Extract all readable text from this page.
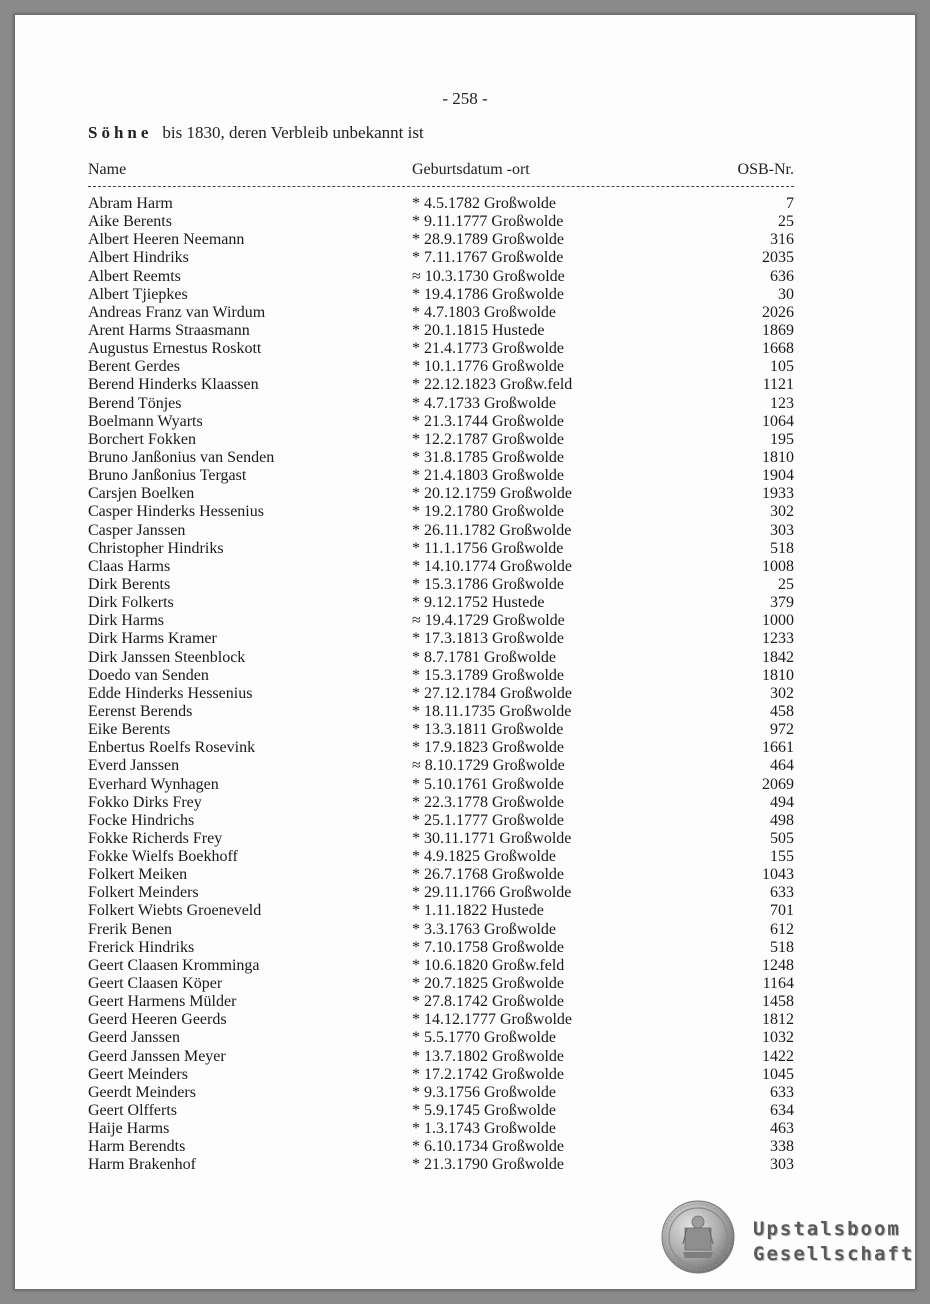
- 258 -
Söhne bis 1830, deren Verbleib unbekannt ist
Name	Geburtsdatum -ort	OSB-Nr.
Abram Harm	* 4.5.1782 Großwolde	7
Aike Berents	* 9.11.1777 Großwolde	25
Albert Heeren Neemann	* 28.9.1789 Großwolde	316
Albert Hindriks	* 7.11.1767 Großwolde	2035
Albert Reemts	≈ 10.3.1730 Großwolde	636
Albert Tjiepkes	* 19.4.1786 Großwolde	30
Andreas Franz van Wirdum	* 4.7.1803 Großwolde	2026
Arent Harms Straasmann	* 20.1.1815 Hustede	1869
Augustus Ernestus Roskott	* 21.4.1773 Großwolde	1668
Berent Gerdes	* 10.1.1776 Großwolde	105
Berend Hinderks Klaassen	* 22.12.1823 Großw.feld	1121
Berend Tönjes	* 4.7.1733 Großwolde	123
Boelmann Wyarts	* 21.3.1744 Großwolde	1064
Borchert Fokken	* 12.2.1787 Großwolde	195
Bruno Janßonius van Senden	* 31.8.1785 Großwolde	1810
Bruno Janßonius Tergast	* 21.4.1803 Großwolde	1904
Carsjen Boelken	* 20.12.1759 Großwolde	1933
Casper Hinderks Hessenius	* 19.2.1780 Großwolde	302
Casper Janssen	* 26.11.1782 Großwolde	303
Christopher Hindriks	* 11.1.1756 Großwolde	518
Claas Harms	* 14.10.1774 Großwolde	1008
Dirk Berents	* 15.3.1786 Großwolde	25
Dirk Folkerts	* 9.12.1752 Hustede	379
Dirk Harms	≈ 19.4.1729 Großwolde	1000
Dirk Harms Kramer	* 17.3.1813 Großwolde	1233
Dirk Janssen Steenblock	* 8.7.1781 Großwolde	1842
Doedo van Senden	* 15.3.1789 Großwolde	1810
Edde Hinderks Hessenius	* 27.12.1784 Großwolde	302
Eerenst Berends	* 18.11.1735 Großwolde	458
Eike Berents	* 13.3.1811 Großwolde	972
Enbertus Roelfs Rosevink	* 17.9.1823 Großwolde	1661
Everd Janssen	≈ 8.10.1729 Großwolde	464
Everhard Wynhagen	* 5.10.1761 Großwolde	2069
Fokko Dirks Frey	* 22.3.1778 Großwolde	494
Focke Hindrichs	* 25.1.1777 Großwolde	498
Fokke Richerds Frey	* 30.11.1771 Großwolde	505
Fokke Wielfs Boekhoff	* 4.9.1825 Großwolde	155
Folkert Meiken	* 26.7.1768 Großwolde	1043
Folkert Meinders	* 29.11.1766 Großwolde	633
Folkert Wiebts Groeneveld	* 1.11.1822 Hustede	701
Frerik Benen	* 3.3.1763 Großwolde	612
Frerick Hindriks	* 7.10.1758 Großwolde	518
Geert Claasen Kromminga	* 10.6.1820 Großw.feld	1248
Geert Claasen Köper	* 20.7.1825 Großwolde	1164
Geert Harmens Mülder	* 27.8.1742 Großwolde	1458
Geerd Heeren Geerds	* 14.12.1777 Großwolde	1812
Geerd Janssen	* 5.5.1770 Großwolde	1032
Geerd Janssen Meyer	* 13.7.1802 Großwolde	1422
Geert Meinders	* 17.2.1742 Großwolde	1045
Geerdt Meinders	* 9.3.1756 Großwolde	633
Geert Olfferts	* 5.9.1745 Großwolde	634
Haije Harms	* 1.3.1743 Großwolde	463
Harm Berendts	* 6.10.1734 Großwolde	338
Harm Brakenhof	* 21.3.1790 Großwolde	303
Upstalsboom
Gesellschaft
